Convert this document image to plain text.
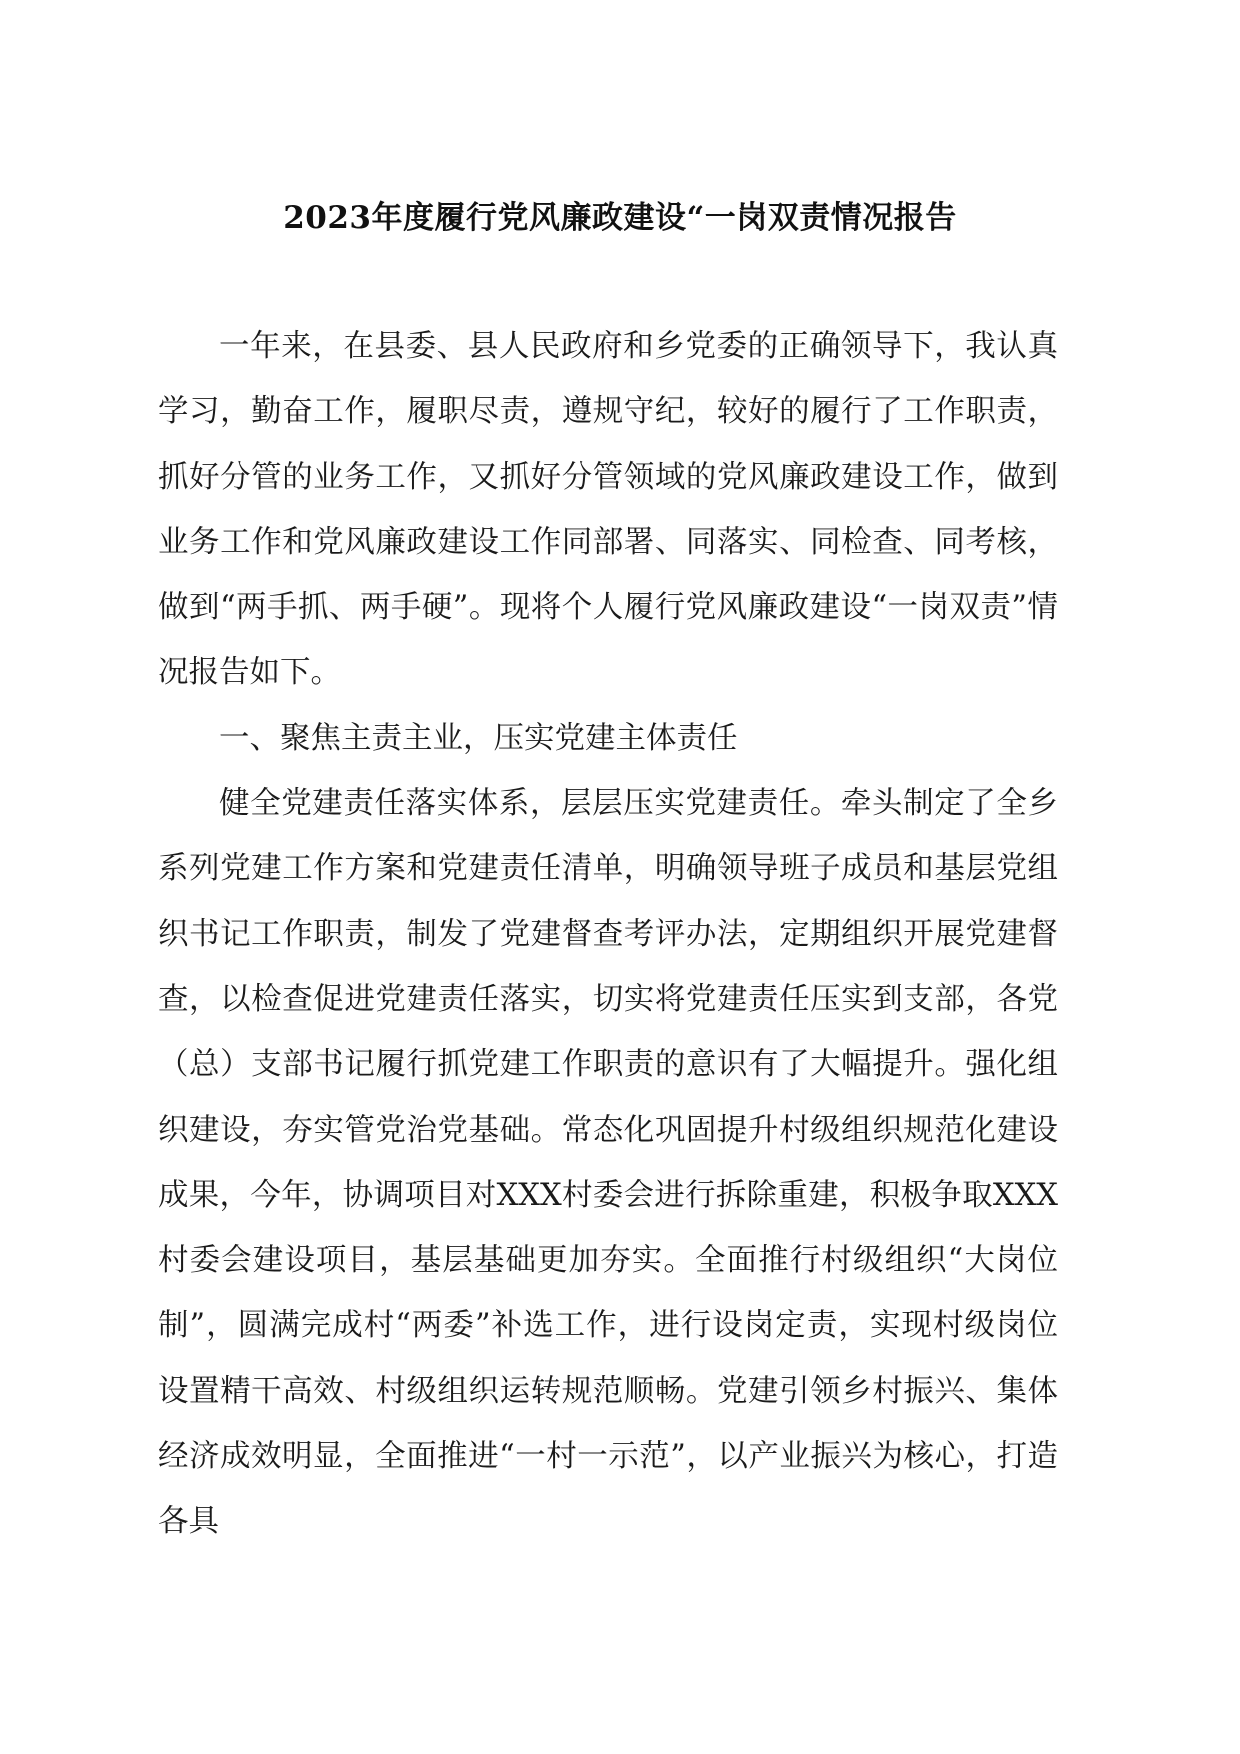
2023年度履行党风廉政建设“一岗双责情况报告

一年来，在县委、县人民政府和乡党委的正确领导下，我认真学习，勤奋工作，履职尽责，遵规守纪，较好的履行了工作职责，抓好分管的业务工作，又抓好分管领域的党风廉政建设工作，做到业务工作和党风廉政建设工作同部署、同落实、同检查、同考核，做到“两手抓、两手硬”。现将个人履行党风廉政建设“一岗双责”情况报告如下。

一、聚焦主责主业，压实党建主体责任

健全党建责任落实体系，层层压实党建责任。牵头制定了全乡系列党建工作方案和党建责任清单，明确领导班子成员和基层党组织书记工作职责，制发了党建督查考评办法，定期组织开展党建督查，以检查促进党建责任落实，切实将党建责任压实到支部，各党（总）支部书记履行抓党建工作职责的意识有了大幅提升。强化组织建设，夯实管党治党基础。常态化巩固提升村级组织规范化建设成果，今年，协调项目对XXX村委会进行拆除重建，积极争取XXX村委会建设项目，基层基础更加夯实。全面推行村级组织“大岗位制”，圆满完成村“两委”补选工作，进行设岗定责，实现村级岗位设置精干高效、村级组织运转规范顺畅。党建引领乡村振兴、集体经济成效明显，全面推进“一村一示范”，以产业振兴为核心，打造各具
